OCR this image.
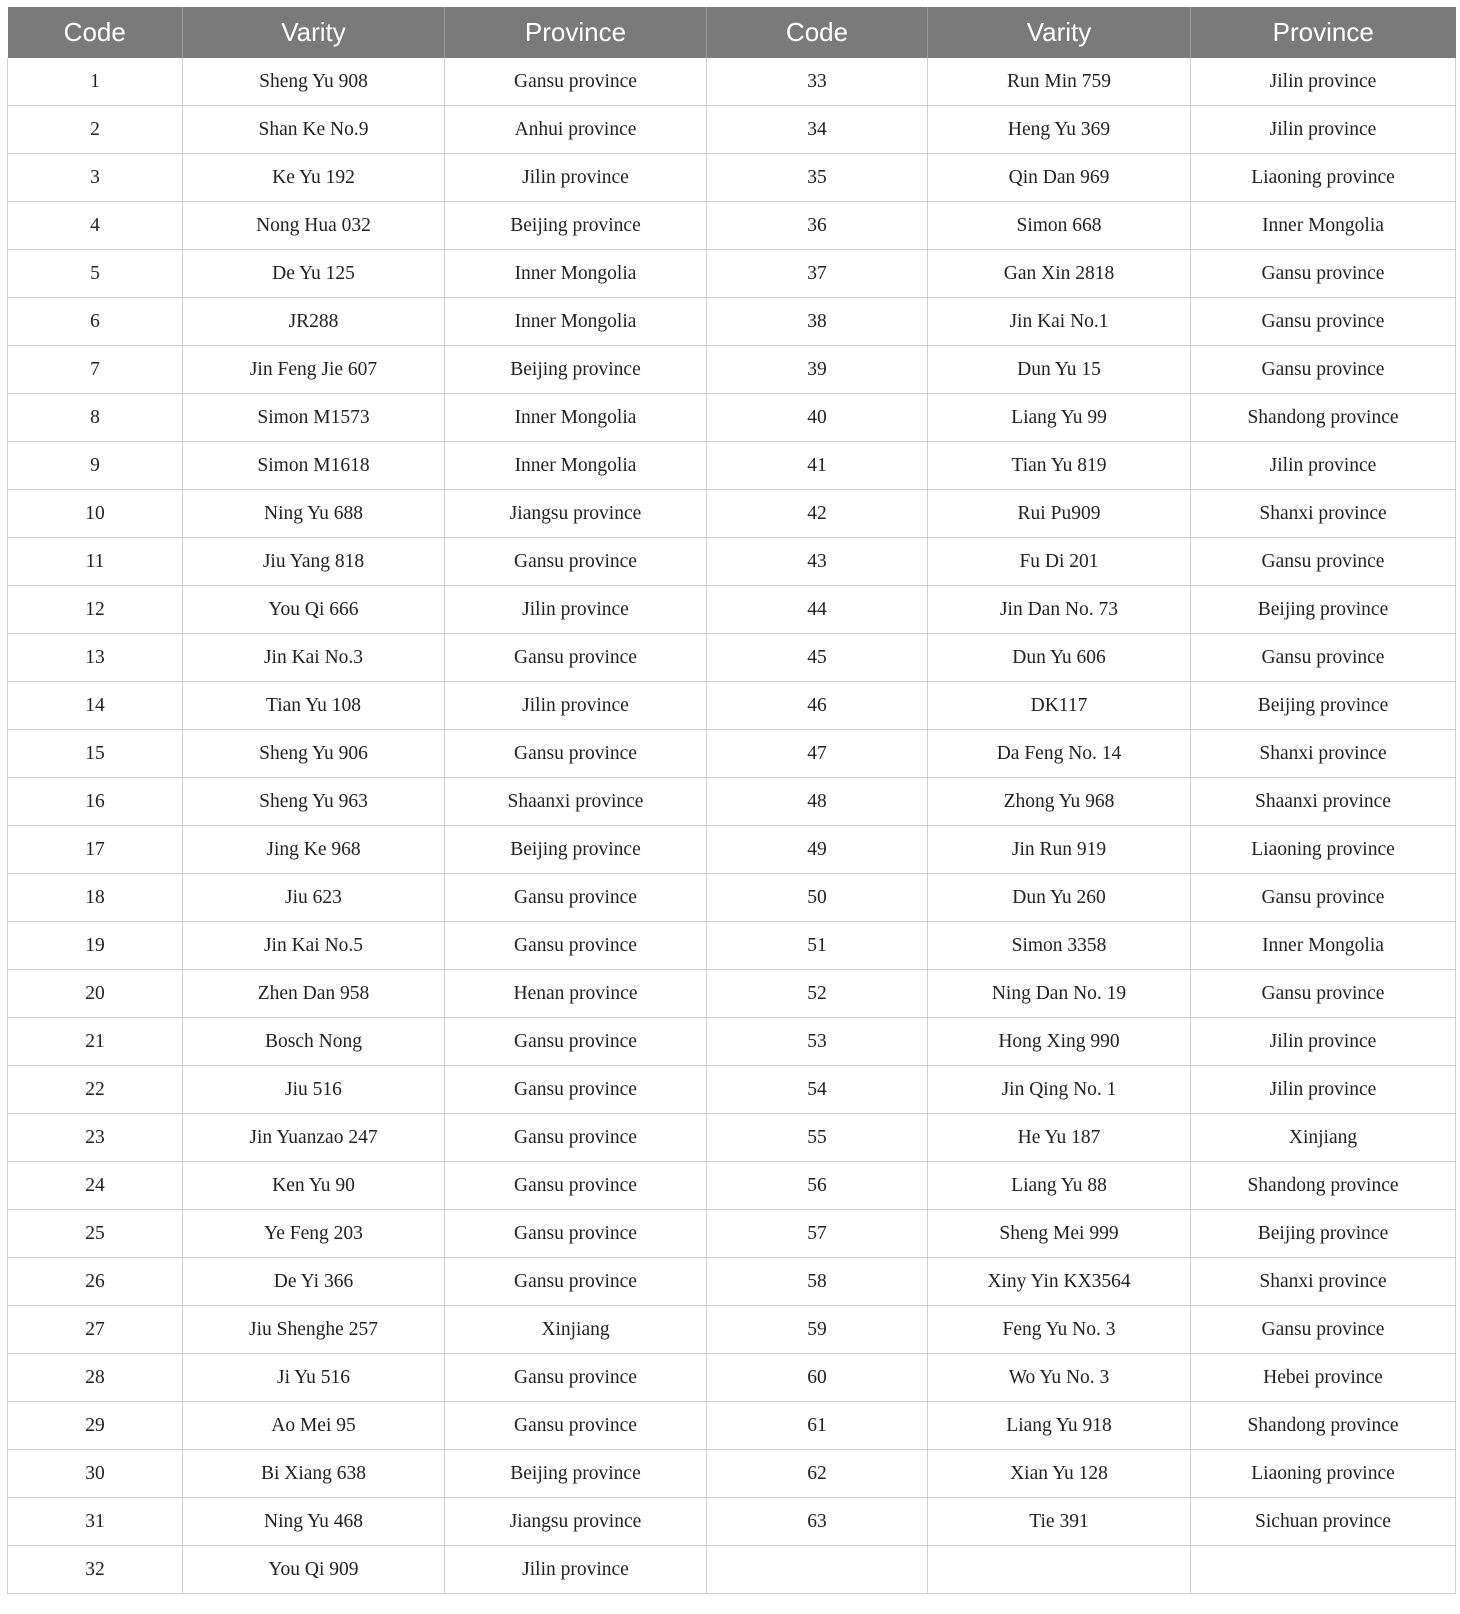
Code	Varity	Province	Code	Varity	Province
1	Sheng Yu 908	Gansu province	33	Run Min 759	Jilin province
2	Shan Ke No.9	Anhui province	34	Heng Yu 369	Jilin province
3	Ke Yu 192	Jilin province	35	Qin Dan 969	Liaoning province
4	Nong Hua 032	Beijing province	36	Simon 668	Inner Mongolia
5	De Yu 125	Inner Mongolia	37	Gan Xin 2818	Gansu province
6	JR288	Inner Mongolia	38	Jin Kai No.1	Gansu province
7	Jin Feng Jie 607	Beijing province	39	Dun Yu 15	Gansu province
8	Simon M1573	Inner Mongolia	40	Liang Yu 99	Shandong province
9	Simon M1618	Inner Mongolia	41	Tian Yu 819	Jilin province
10	Ning Yu 688	Jiangsu province	42	Rui Pu909	Shanxi province
11	Jiu Yang 818	Gansu province	43	Fu Di 201	Gansu province
12	You Qi 666	Jilin province	44	Jin Dan No. 73	Beijing province
13	Jin Kai No.3	Gansu province	45	Dun Yu 606	Gansu province
14	Tian Yu 108	Jilin province	46	DK117	Beijing province
15	Sheng Yu 906	Gansu province	47	Da Feng No. 14	Shanxi province
16	Sheng Yu 963	Shaanxi province	48	Zhong Yu 968	Shaanxi province
17	Jing Ke 968	Beijing province	49	Jin Run 919	Liaoning province
18	Jiu 623	Gansu province	50	Dun Yu 260	Gansu province
19	Jin Kai No.5	Gansu province	51	Simon 3358	Inner Mongolia
20	Zhen Dan 958	Henan province	52	Ning Dan No. 19	Gansu province
21	Bosch Nong	Gansu province	53	Hong Xing 990	Jilin province
22	Jiu 516	Gansu province	54	Jin Qing No. 1	Jilin province
23	Jin Yuanzao 247	Gansu province	55	He Yu 187	Xinjiang
24	Ken Yu 90	Gansu province	56	Liang Yu 88	Shandong province
25	Ye Feng 203	Gansu province	57	Sheng Mei 999	Beijing province
26	De Yi 366	Gansu province	58	Xiny Yin KX3564	Shanxi province
27	Jiu Shenghe 257	Xinjiang	59	Feng Yu No. 3	Gansu province
28	Ji Yu 516	Gansu province	60	Wo Yu No. 3	Hebei province
29	Ao Mei 95	Gansu province	61	Liang Yu 918	Shandong province
30	Bi Xiang 638	Beijing province	62	Xian Yu 128	Liaoning province
31	Ning Yu 468	Jiangsu province	63	Tie 391	Sichuan province
32	You Qi 909	Jilin province			
